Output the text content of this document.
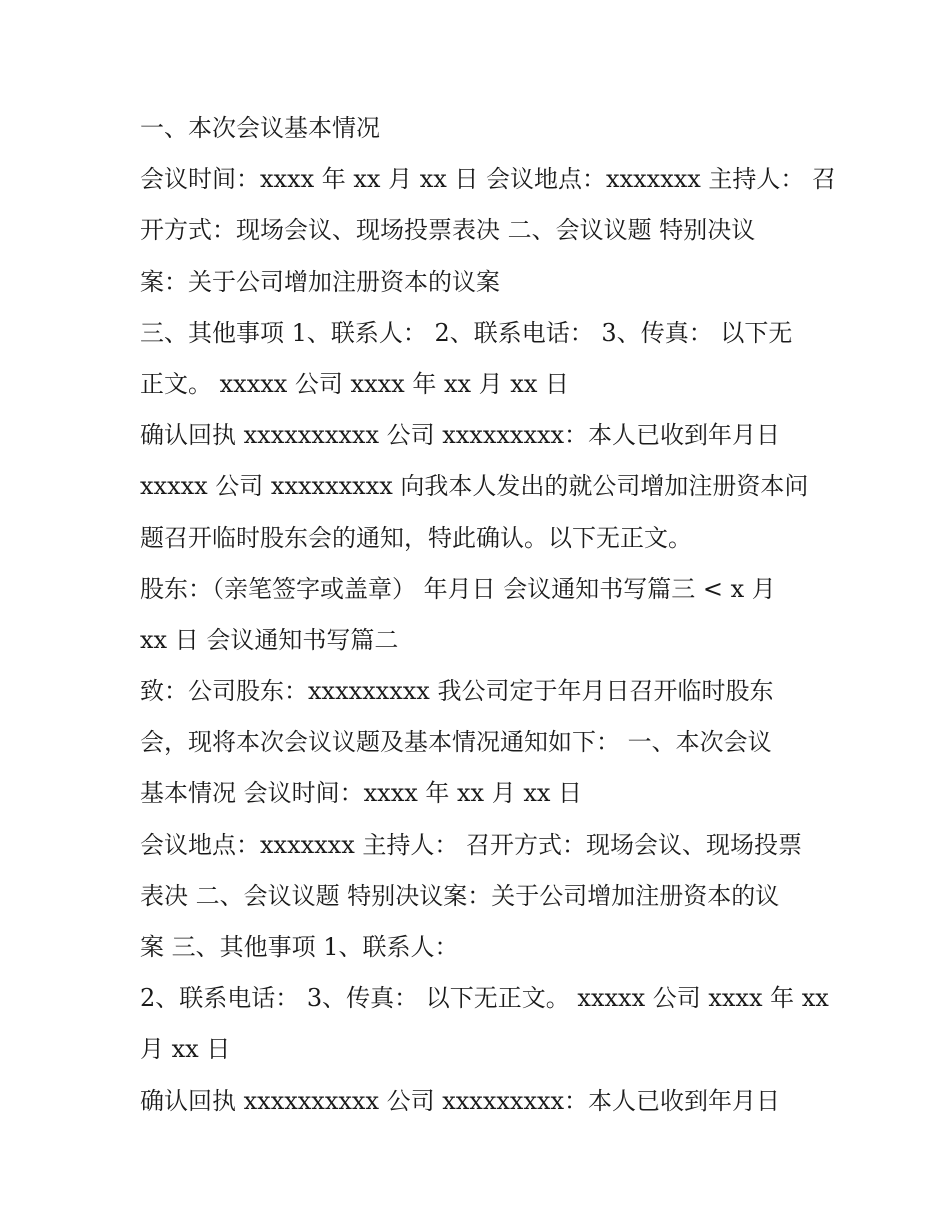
一、本次会议基本情况
会议时间：xxxx 年 xx 月 xx 日 会议地点：xxxxxxx 主持人： 召
开方式：现场会议、现场投票表决 二、会议议题 特别决议
案：关于公司增加注册资本的议案
三、其他事项 1、联系人： 2、联系电话： 3、传真： 以下无
正文。 xxxxx 公司 xxxx 年 xx 月 xx 日
确认回执 xxxxxxxxxx 公司 xxxxxxxxx：本人已收到年月日
xxxxx 公司 xxxxxxxxx 向我本人发出的就公司增加注册资本问
题召开临时股东会的通知，特此确认。以下无正文。
股东：（亲笔签字或盖章） 年月日 会议通知书写篇三 < x 月
xx 日 会议通知书写篇二
致：公司股东：xxxxxxxxx 我公司定于年月日召开临时股东
会，现将本次会议议题及基本情况通知如下： 一、本次会议
基本情况 会议时间：xxxx 年 xx 月 xx 日
会议地点：xxxxxxx 主持人： 召开方式：现场会议、现场投票
表决 二、会议议题 特别决议案：关于公司增加注册资本的议
案 三、其他事项 1、联系人：
2、联系电话： 3、传真： 以下无正文。 xxxxx 公司 xxxx 年 xx
月 xx 日
确认回执 xxxxxxxxxx 公司 xxxxxxxxx：本人已收到年月日
